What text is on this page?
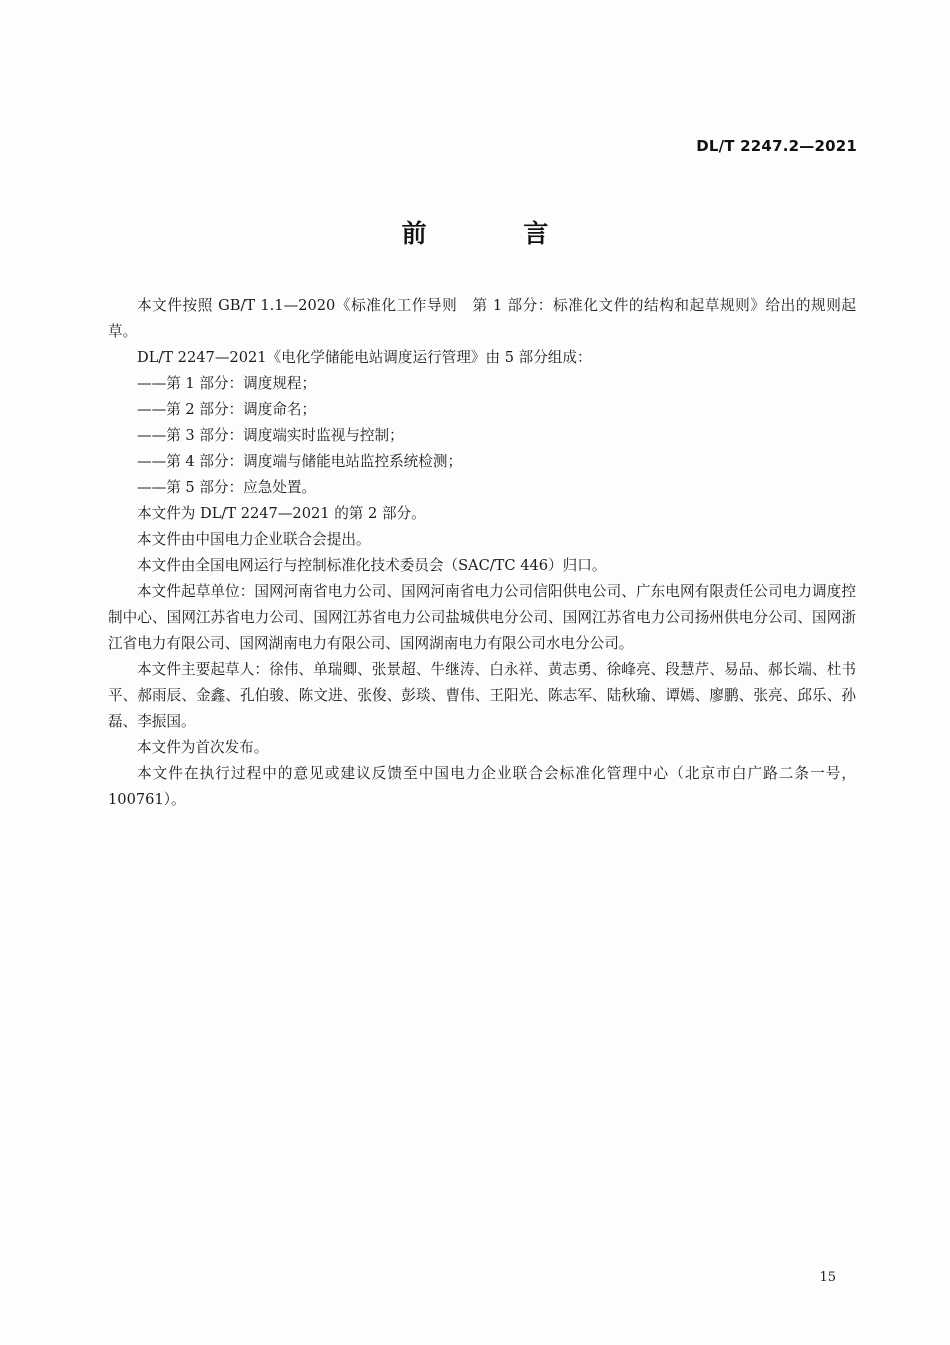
DL/T 2247.2—2021
前 言

本文件按照 GB/T 1.1—2020《标准化工作导则　第 1 部分：标准化文件的结构和起草规则》给出的规则起草。

DL/T 2247—2021《电化学储能电站调度运行管理》由 5 部分组成：

——第 1 部分：调度规程；

——第 2 部分：调度命名；

——第 3 部分：调度端实时监视与控制；

——第 4 部分：调度端与储能电站监控系统检测；

——第 5 部分：应急处置。

本文件为 DL/T 2247—2021 的第 2 部分。

本文件由中国电力企业联合会提出。

本文件由全国电网运行与控制标准化技术委员会（SAC/TC 446）归口。

本文件起草单位：国网河南省电力公司、国网河南省电力公司信阳供电公司、广东电网有限责任公司电力调度控制中心、国网江苏省电力公司、国网江苏省电力公司盐城供电分公司、国网江苏省电力公司扬州供电分公司、国网浙江省电力有限公司、国网湖南电力有限公司、国网湖南电力有限公司水电分公司。

本文件主要起草人：徐伟、单瑞卿、张景超、牛继涛、白永祥、黄志勇、徐峰亮、段慧芹、易品、郝长端、杜书平、郝雨辰、金鑫、孔伯骏、陈文进、张俊、彭琰、曹伟、王阳光、陈志军、陆秋瑜、谭嫣、廖鹏、张亮、邱乐、孙磊、李振国。

本文件为首次发布。

本文件在执行过程中的意见或建议反馈至中国电力企业联合会标准化管理中心（北京市白广路二条一号，100761）。

15
